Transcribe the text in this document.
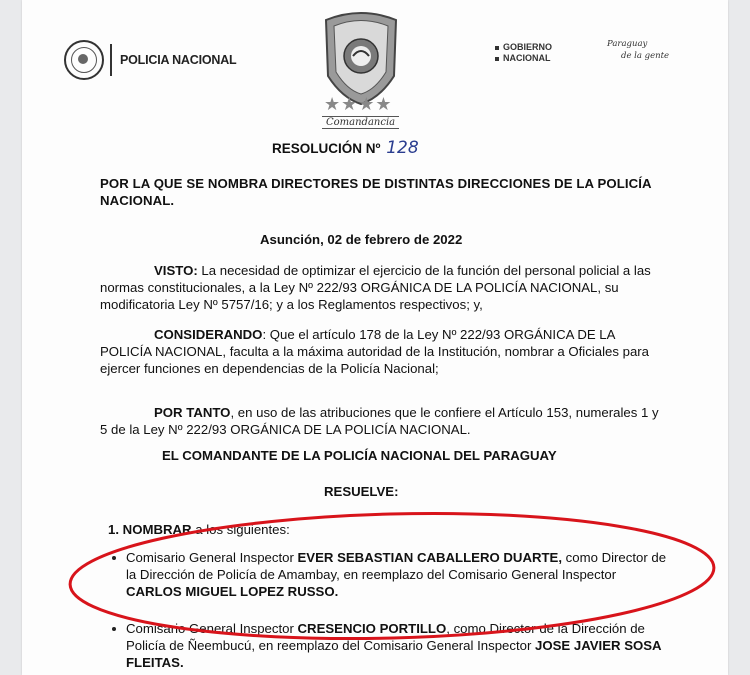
POLICIA NACIONAL
★★★★
Comandancia
GOBIERNO
NACIONAL
Paraguay
de la gente
RESOLUCIÓN Nº 128
POR LA QUE SE NOMBRA DIRECTORES DE DISTINTAS DIRECCIONES DE LA POLICÍA NACIONAL.
Asunción, 02 de febrero de 2022
VISTO: La necesidad de optimizar el ejercicio de la función del personal policial a las normas constitucionales, a la Ley Nº 222/93 ORGÁNICA DE LA POLICÍA NACIONAL, su modificatoria Ley Nº 5757/16; y a los Reglamentos respectivos; y,
CONSIDERANDO: Que el artículo 178 de la Ley Nº 222/93 ORGÁNICA DE LA POLICÍA NACIONAL, faculta a la máxima autoridad de la Institución, nombrar a Oficiales para ejercer funciones en dependencias de la Policía Nacional;
POR TANTO, en uso de las atribuciones que le confiere el Artículo 153, numerales 1 y 5 de la Ley Nº 222/93 ORGÁNICA DE LA POLICÍA NACIONAL.
EL COMANDANTE DE LA POLICÍA NACIONAL DEL PARAGUAY
RESUELVE:
1. NOMBRAR a los siguientes:
Comisario General Inspector EVER SEBASTIAN CABALLERO DUARTE, como Director de la Dirección de Policía de Amambay, en reemplazo del Comisario General Inspector CARLOS MIGUEL LOPEZ RUSSO.
Comisario General Inspector CRESENCIO PORTILLO, como Director de la Dirección de Policía de Ñeembucú, en reemplazo del Comisario General Inspector JOSE JAVIER SOSA FLEITAS.
